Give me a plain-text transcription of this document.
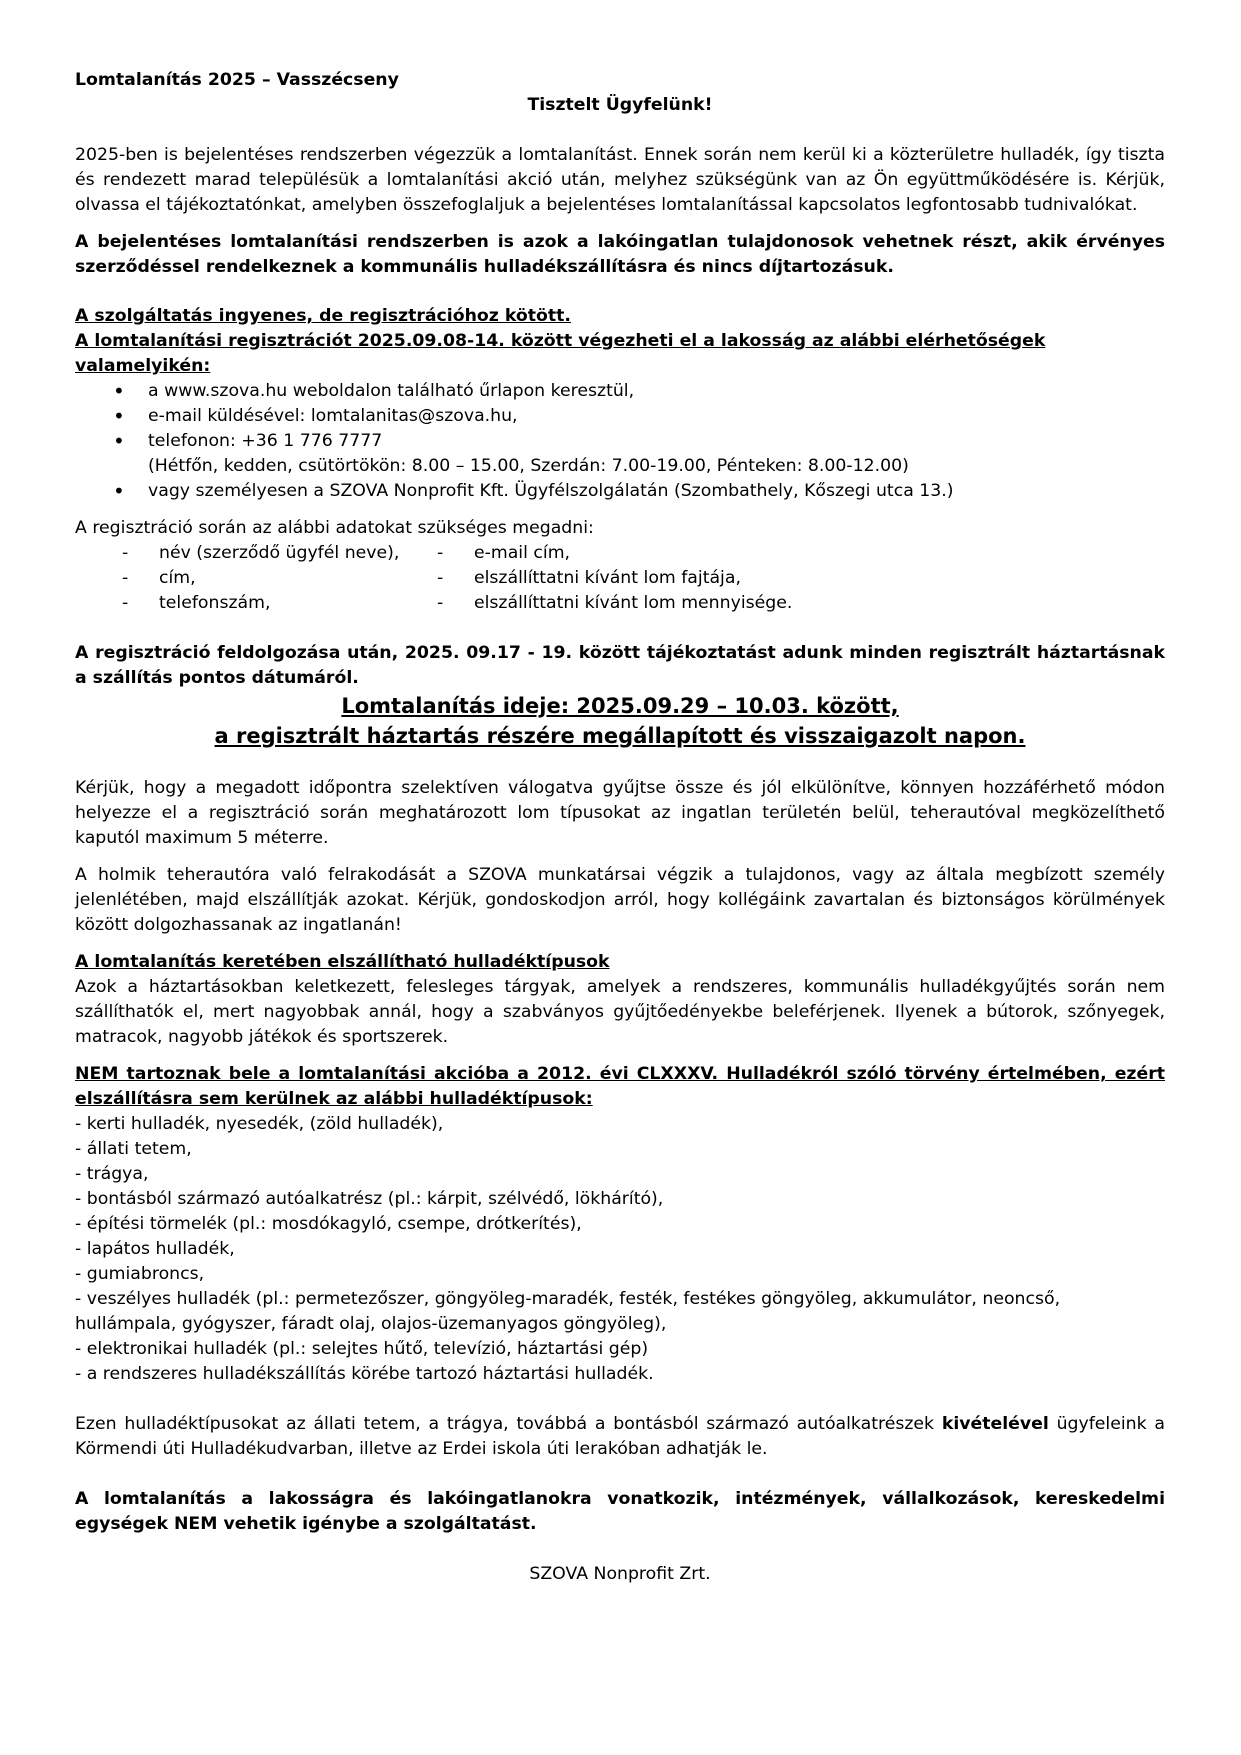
Lomtalanítás 2025 – Vasszécseny

Tisztelt Ügyfelünk!

2025-ben is bejelentéses rendszerben végezzük a lomtalanítást. Ennek során nem kerül ki a közterületre hulladék, így tiszta és rendezett marad településük a lomtalanítási akció után, melyhez szükségünk van az Ön együttműködésére is. Kérjük, olvassa el tájékoztatónkat, amelyben összefoglaljuk a bejelentéses lomtalanítással kapcsolatos legfontosabb tudnivalókat.

A bejelentéses lomtalanítási rendszerben is azok a lakóingatlan tulajdonosok vehetnek részt, akik érvényes szerződéssel rendelkeznek a kommunális hulladékszállításra és nincs díjtartozásuk.

A szolgáltatás ingyenes, de regisztrációhoz kötött.

A lomtalanítási regisztrációt 2025.09.08-14. között végezheti el a lakosság az alábbi elérhetőségek valamelyikén:

• a www.szova.hu weboldalon található űrlapon keresztül,
• e-mail küldésével: lomtalanitas@szova.hu,
• telefonon: +36 1 776 7777
(Hétfőn, kedden, csütörtökön: 8.00 – 15.00, Szerdán: 7.00-19.00, Pénteken: 8.00-12.00)
• vagy személyesen a SZOVA Nonprofit Kft. Ügyfélszolgálatán (Szombathely, Kőszegi utca 13.)

A regisztráció során az alábbi adatokat szükséges megadni:

- név (szerződő ügyfél neve),	- e-mail cím,
- cím,	- elszállíttatni kívánt lom fajtája,
- telefonszám,	- elszállíttatni kívánt lom mennyisége.

A regisztráció feldolgozása után, 2025. 09.17 - 19. között tájékoztatást adunk minden regisztrált háztartásnak a szállítás pontos dátumáról.

Lomtalanítás ideje: 2025.09.29 – 10.03. között,

a regisztrált háztartás részére megállapított és visszaigazolt napon.

Kérjük, hogy a megadott időpontra szelektíven válogatva gyűjtse össze és jól elkülönítve, könnyen hozzáférhető módon helyezze el a regisztráció során meghatározott lom típusokat az ingatlan területén belül, teherautóval megközelíthető kaputól maximum 5 méterre.

A holmik teherautóra való felrakodását a SZOVA munkatársai végzik a tulajdonos, vagy az általa megbízott személy jelenlétében, majd elszállítják azokat. Kérjük, gondoskodjon arról, hogy kollégáink zavartalan és biztonságos körülmények között dolgozhassanak az ingatlanán!

A lomtalanítás keretében elszállítható hulladéktípusok

Azok a háztartásokban keletkezett, felesleges tárgyak, amelyek a rendszeres, kommunális hulladékgyűjtés során nem szállíthatók el, mert nagyobbak annál, hogy a szabványos gyűjtőedényekbe beleférjenek. Ilyenek a bútorok, szőnyegek, matracok, nagyobb játékok és sportszerek.

NEM tartoznak bele a lomtalanítási akcióba a 2012. évi CLXXXV. Hulladékról szóló törvény értelmében, ezért elszállításra sem kerülnek az alábbi hulladéktípusok:

- kerti hulladék, nyesedék, (zöld hulladék),

- állati tetem,

- trágya,

- bontásból származó autóalkatrész (pl.: kárpit, szélvédő, lökhárító),

- építési törmelék (pl.: mosdókagyló, csempe, drótkerítés),

- lapátos hulladék,

- gumiabroncs,

- veszélyes hulladék (pl.: permetezőszer, göngyöleg-maradék, festék, festékes göngyöleg, akkumulátor, neoncső, hullámpala, gyógyszer, fáradt olaj, olajos-üzemanyagos göngyöleg),

- elektronikai hulladék (pl.: selejtes hűtő, televízió, háztartási gép)

- a rendszeres hulladékszállítás körébe tartozó háztartási hulladék.

Ezen hulladéktípusokat az állati tetem, a trágya, továbbá a bontásból származó autóalkatrészek kivételével ügyfeleink a Körmendi úti Hulladékudvarban, illetve az Erdei iskola úti lerakóban adhatják le.

A lomtalanítás a lakosságra és lakóingatlanokra vonatkozik, intézmények, vállalkozások, kereskedelmi egységek NEM vehetik igénybe a szolgáltatást.

SZOVA Nonprofit Zrt.
